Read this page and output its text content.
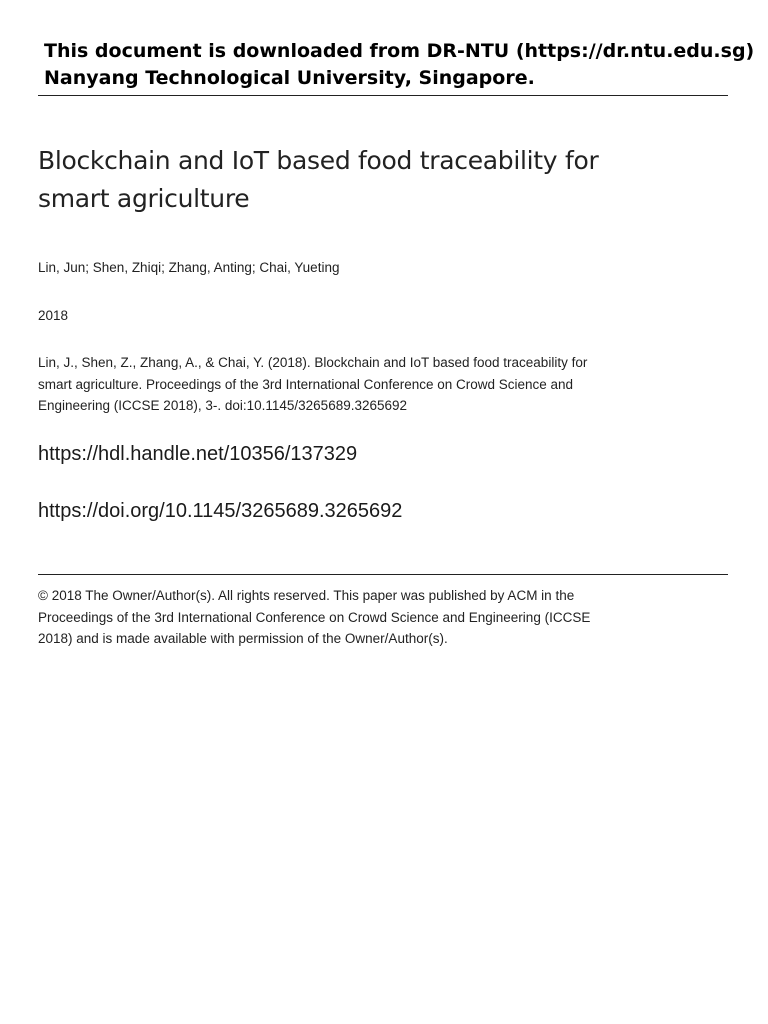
This document is downloaded from DR‑NTU (https://dr.ntu.edu.sg)
Nanyang Technological University, Singapore.
Blockchain and IoT based food traceability for smart agriculture
Lin, Jun; Shen, Zhiqi; Zhang, Anting; Chai, Yueting
2018
Lin, J., Shen, Z., Zhang, A., & Chai, Y. (2018). Blockchain and IoT based food traceability for
smart agriculture. Proceedings of the 3rd International Conference on Crowd Science and
Engineering (ICCSE 2018), 3‑. doi:10.1145/3265689.3265692
https://hdl.handle.net/10356/137329
https://doi.org/10.1145/3265689.3265692
© 2018 The Owner/Author(s). All rights reserved. This paper was published by ACM in the
Proceedings of the 3rd International Conference on Crowd Science and Engineering (ICCSE
2018) and is made available with permission of the Owner/Author(s).
